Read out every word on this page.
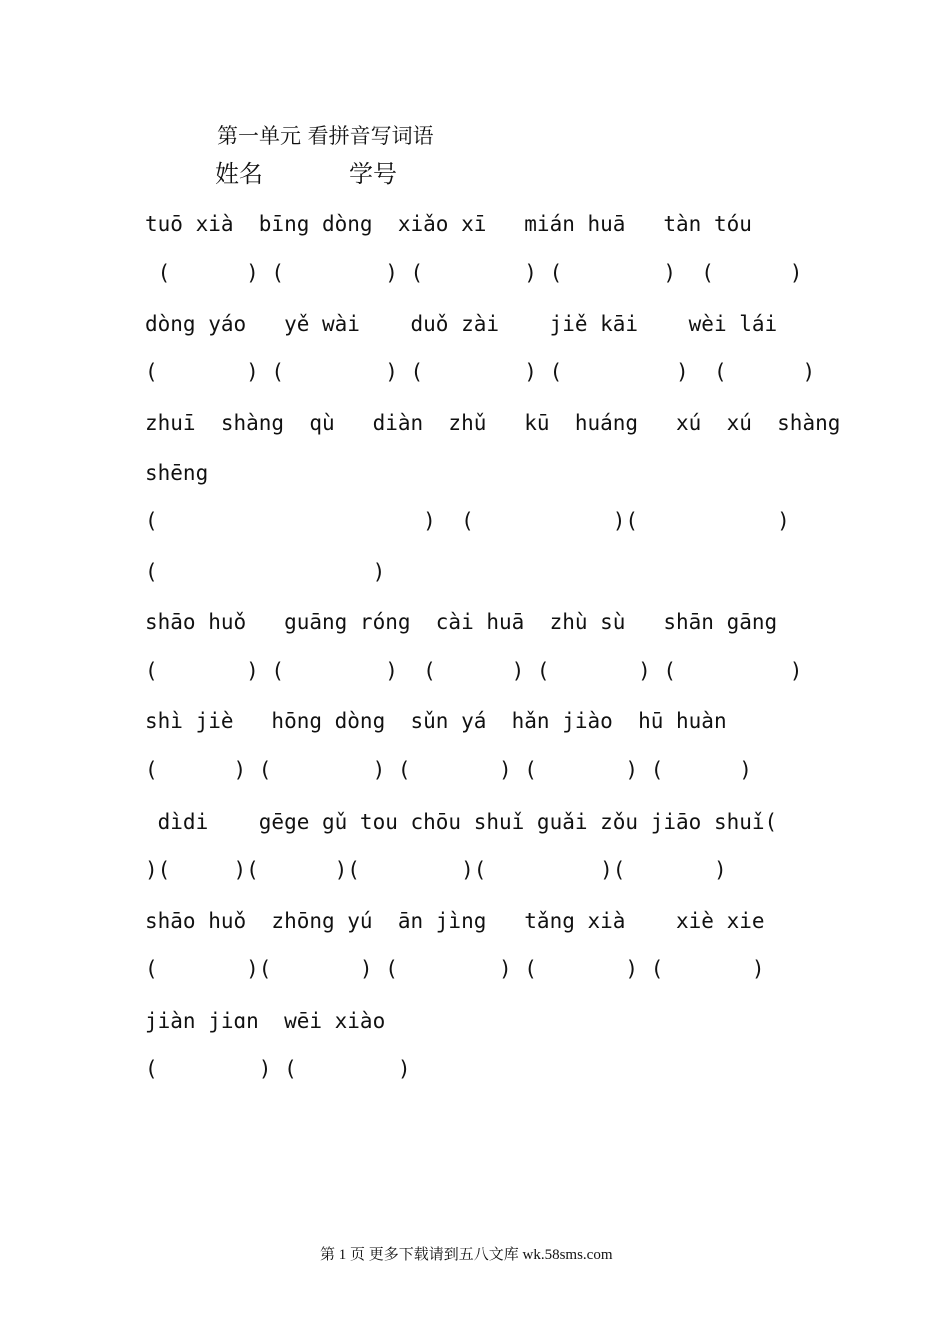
第一单元 看拼音写词语
姓名	学号
tuō xià  bīng dòng  xiǎo xī   mián huā   tàn tóu
(      ) (        ) (        ) (        )  (      )
dòng yáo   yě wài    duǒ zài    jiě kāi    wèi lái
(       ) (        ) (        ) (         )  (      )
zhuī  shàng  qù   diàn  zhǔ   kū  huáng   xú  xú  shàng
shēng
(                     )  (           )(           )
(                 )
shāo huǒ   guāng róng  cài huā  zhù sù   shān gāng
(       ) (        )  (      ) (       ) (         )
shì jiè   hōng dòng  sǔn yá  hǎn jiào  hū huàn
(      ) (        ) (       ) (       ) (      )
dìdi    gēge gǔ tou chōu shuǐ guǎi zǒu jiāo shuǐ(
)(     )(      )(        )(         )(       )
shāo huǒ  zhōng yú  ān jìng   tǎng xià    xiè xie
(       )(       ) (        ) (       ) (       )
jiàn jiɑn  wēi xiào
(        ) (        )
第 1 页 更多下载请到五八文库 wk.58sms.com
